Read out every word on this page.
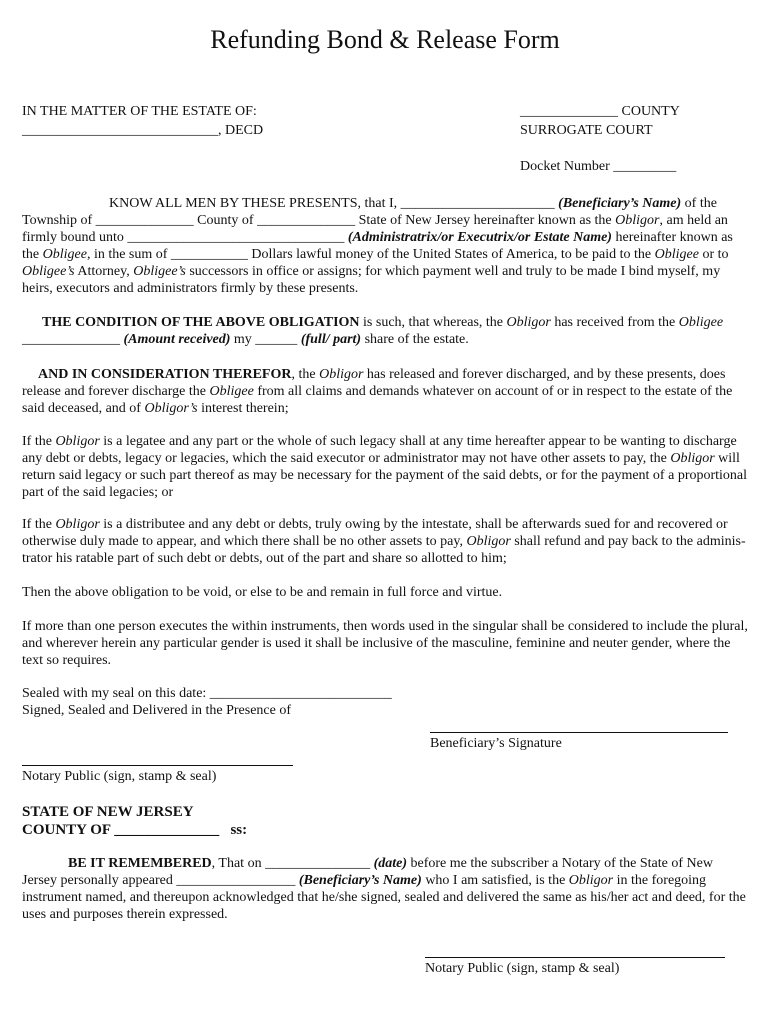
Refunding Bond & Release Form
IN THE MATTER OF THE ESTATE OF:
____________________________, DECD
______________ COUNTY
SURROGATE COURT
Docket Number _________
KNOW ALL MEN BY THESE PRESENTS, that I, ______________________ (Beneficiary’s Name) of the Township of ______________ County of ______________ State of New Jersey hereinafter known as the Obligor, am held an firmly bound unto _______________________________ (Administratrix/or Executrix/or Estate Name) hereinafter known as the Obligee, in the sum of ___________ Dollars lawful money of the United States of America, to be paid to the Obligee or to Obligee’s Attorney, Obligee’s successors in office or assigns; for which payment well and truly to be made I bind myself, my heirs, executors and administrators firmly by these presents.
THE CONDITION OF THE ABOVE OBLIGATION is such, that whereas, the Obligor has received from the Obligee ______________ (Amount received) my ______ (full/ part) share of the estate.
AND IN CONSIDERATION THEREFOR, the Obligor has released and forever discharged, and by these presents, does release and forever discharge the Obligee from all claims and demands whatever on account of or in respect to the estate of the said deceased, and of Obligor’s interest therein;
If the Obligor is a legatee and any part or the whole of such legacy shall at any time hereafter appear to be wanting to discharge any debt or debts, legacy or legacies, which the said executor or administrator may not have other assets to pay, the Obligor will return said legacy or such part thereof as may be necessary for the payment of the said debts, or for the payment of a proportional part of the said legacies; or
If the Obligor is a distributee and any debt or debts, truly owing by the intestate, shall be afterwards sued for and recovered or otherwise duly made to appear, and which there shall be no other assets to pay, Obligor shall refund and pay back to the adminis-trator his ratable part of such debt or debts, out of the part and share so allotted to him;
Then the above obligation to be void, or else to be and remain in full force and virtue.
If more than one person executes the within instruments, then words used in the singular shall be considered to include the plural, and wherever herein any particular gender is used it shall be inclusive of the masculine, feminine and neuter gender, where the text so requires.
Sealed with my seal on this date: __________________________
Signed, Sealed and Delivered in the Presence of
Beneficiary’s Signature
Notary Public (sign, stamp & seal)
STATE OF NEW JERSEY
COUNTY OF ______________   ss:
BE IT REMEMBERED, That on _______________ (date) before me the subscriber a Notary of the State of New Jersey personally appeared _________________ (Beneficiary’s Name) who I am satisfied, is the Obligor in the foregoing instrument named, and thereupon acknowledged that he/she signed, sealed and delivered the same as his/her act and deed, for the uses and purposes therein expressed.
Notary Public (sign, stamp & seal)
